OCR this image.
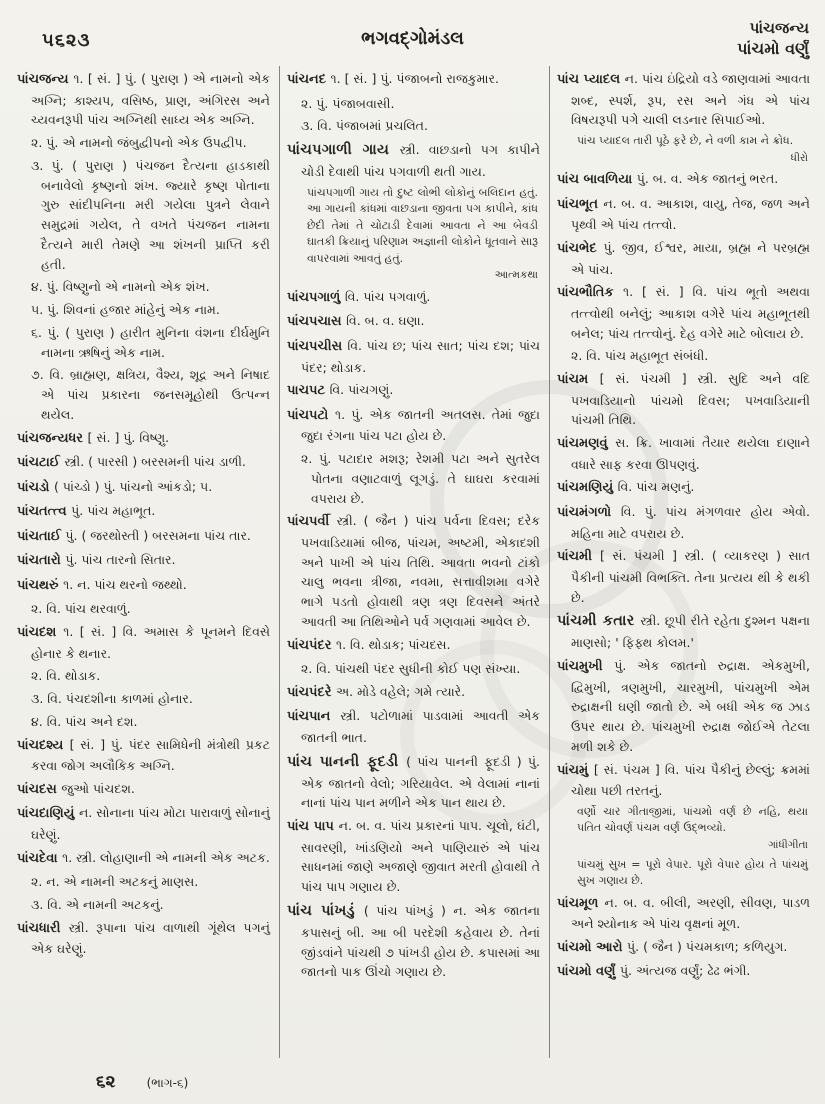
૫૬૨૩	ભગવદ્ગોમંડલ	પાંચજન્ય
પાંચમો વર્ણું
પાંચજન્ય ૧. [ સં. ] પું. ( પુરાણ ) એ નામનો એક અગ્નિ; કાશ્યપ, વસિષ્ઠ, પ્રાણ, અંગિરસ અને ચ્યવનરૂપી પાંચ અગ્નિથી સાધ્ય એક અગ્નિ.
૨. પું. એ નામનો જંબુદ્વીપનો એક ઉપદ્વીપ.
૩. પું. ( પુરાણ ) પંચજન દૈત્યના હાડકાથી બનાવેલો કૃષ્ણનો શંખ. જ્યારે કૃષ્ણ પોતાના ગુરુ સાંદીપનિના મરી ગયેલા પુત્રને લેવાને સમુદ્રમાં ગયેલ, તે વખતે પંચજન નામના દૈત્યને મારી તેમણે આ શંખની પ્રાપ્તિ કરી હતી.
૪. પું. વિષ્ણુનો એ નામનો એક શંખ.
૫. પું. શિવનાં હજાર માંહેનું એક નામ.
૬. પું. ( પુરાણ ) હારીત મુનિના વંશના દીર્ઘમુનિ નામના ઋષિનું એક નામ.
૭. વિ. બ્રાહ્મણ, ક્ષત્રિય, વૈશ્ય, શૂદ્ર અને નિષાદ એ પાંચ પ્રકારના જનસમૂહોથી ઉત્પન્ન થયેલ.
પાંચજન્યધર [ સં. ] પું. વિષ્ણુ.
પાંચટાઈ સ્ત્રી. ( પારસી ) બરસમની પાંચ ડાળી.
પાંચડો ( પાંચ્ડો ) પું. પાંચનો આંકડો; ૫.
પાંચતત્ત્વ પું. પાંચ મહાભૂત.
પાંચતાઈ પું. ( જરથોસ્તી ) બરસમના પાંચ તાર.
પાંચતારો પું. પાંચ તારનો સિતાર.
પાંચથરું ૧. ન. પાંચ થરનો જથ્થો.
૨. વિ. પાંચ થરવાળું.
પાંચદશ ૧. [ સં. ] વિ. અમાસ કે પૂનમને દિવસે હોનાર કે થનાર.
૨. વિ. થોડાક.
૩. વિ. પંચદશીના કાળમાં હોનાર.
૪. વિ. પાંચ અને દશ.
પાંચદશ્ય [ સં. ] પું. પંદર સામિધેની મંત્રોથી પ્રકટ કરવા જોગ અલૌકિક અગ્નિ.
પાંચદસ જુઓ પાંચદશ.
પાંચદાણિયું ન. સોનાના પાંચ મોટા પારાવાળું સોનાનું ઘરેણું.
પાંચદેવા ૧. સ્ત્રી. લોહાણાની એ નામની એક અટક.
૨. ન. એ નામની અટકનું માણસ.
૩. વિ. એ નામની અટકનું.
પાંચધારી સ્ત્રી. રૂપાના પાંચ વાળાથી ગૂંથેલ પગનું એક ઘરેણું.
પાંચનદ ૧. [ સં. ] પું. પંજાબનો રાજકુમાર.
૨. પું. પંજાબવાસી.
૩. વિ. પંજાબમાં પ્રચલિત.
પાંચપગાળી ગાય સ્ત્રી. વાછડાનો પગ કાપીને ચોડી દેવાથી પાંચ પગવાળી થતી ગાય.
પાંચપગાળી ગાય તો દુષ્ટ લોભી લોકોનું બલિદાન હતું. આ ગાયની કાંધમાં વાછડાના જીવતા પગ કાપીને, કાંધ છેદી તેમાં તે ચોટાડી દેવામાં આવતા ને આ બેવડી ઘાતકી ક્રિયાનું પરિણામ અજ્ઞાની લોકોને ધૂતવાને સારૂ વાપરવામાં આવતું હતું.
આત્મકથા
પાંચપગાળું વિ. પાંચ પગવાળું.
પાંચપચાસ વિ. બ. વ. ઘણા.
પાંચપચીસ વિ. પાંચ છ; પાંચ સાત; પાંચ દશ; પાંચ પંદર; થોડાક.
પાચપટ વિ. પાંચગણું.
પાંચપટો ૧. પું. એક જાતની અતલસ. તેમાં જુદા જુદા રંગના પાંચ પટા હોય છે.
૨. પું. પટાદાર મશરૂ; રેશમી પટા અને સુતરેલ પોતના વણાટવાળું લૂગડું. તે ઘાઘરા કરવામાં વપરાય છે.
પાંચપર્વી સ્ત્રી. ( જૈન ) પાંચ પર્વના દિવસ; દરેક પખવાડિયામાં બીજ, પાંચમ, અષ્ટમી, એકાદશી અને પાખી એ પાંચ તિથિ. આવતા ભવનો ટાંકો ચાલુ ભવના ત્રીજા, નવમા, સત્તાવીશમા વગેરે ભાગે પડતો હોવાથી ત્રણ ત્રણ દિવસને અંતરે આવતી આ તિથિઓને પર્વ ગણવામાં આવેલ છે.
પાંચપંદર ૧. વિ. થોડાક; પાંચદસ.
૨. વિ. પાંચથી પંદર સુધીની કોઈ પણ સંખ્યા.
પાંચપંદરે અ. મોડે વહેલે; ગમે ત્યારે.
પાંચપાન સ્ત્રી. પટોળામાં પાડવામાં આવતી એક જાતની ભાત.
પાંચ પાનની ફૂદડી ( પાંચ પાનની ફૂદડી ) પું. એક જાતનો વેલો; ગરિયાવેલ. એ વેલામાં નાનાં નાનાં પાંચ પાન મળીને એક પાન થાય છે.
પાંચ પાપ ન. બ. વ. પાંચ પ્રકારનાં પાપ. ચૂલો, ઘંટી, સાવરણી, ખાંડણિયો અને પાણિયારું એ પાંચ સાધનમાં જાણે અજાણે જીવાત મરતી હોવાથી તે પાંચ પાપ ગણાય છે.
પાંચ પાંખડું ( પાંચ પાંખડું ) ન. એક જાતના કપાસનું બી. આ બી પરદેશી કહેવાય છે. તેનાં જીંડવાંને પાંચથી ૭ પાંખડી હોય છે. કપાસમાં આ જાતનો પાક ઊંચો ગણાય છે.
પાંચ પ્યાદલ ન. પાંચ ઇંદ્રિયો વડે જાણવામાં આવતા શબ્દ, સ્પર્શ, રૂપ, રસ અને ગંધ એ પાંચ વિષયરૂપી પગે ચાલી લડનાર સિપાઈઓ.
પાંચ પ્યાદલ તારી પૂઠે ફરે છે, ને વળી કામ ને ક્રોધ.
ધીરો
પાંચ બાવળિયા પું. બ. વ. એક જાતનું ભરત.
પાંચભૂત ન. બ. વ. આકાશ, વાયુ, તેજ, જળ અને પૃથ્વી એ પાંચ તત્ત્વો.
પાંચભેદ પું. જીવ, ઈશ્વર, માયા, બ્રહ્મ ને પરબ્રહ્મ એ પાંચ.
પાંચભૌતિક ૧. [ સં. ] વિ. પાંચ ભૂતો અથવા તત્ત્વોથી બનેલું; આકાશ વગેરે પાંચ મહાભૂતથી બનેલ; પાંચ તત્ત્વોનું. દેહ વગેરે માટે બોલાય છે.
૨. વિ. પાંચ મહાભૂત સંબંધી.
પાંચમ [ સં. પંચમી ] સ્ત્રી. સુદિ અને વદિ પખવાડિયાનો પાંચમો દિવસ; પખવાડિયાની પાંચમી તિથિ.
પાંચમણવું સ. ક્રિ. ખાવામાં તૈયાર થયેલા દાણાને વધારે સાફ કરવા ઊપણવું.
પાંચમણિયું વિ. પાંચ મણનું.
પાંચમંગળો વિ. પું. પાંચ મંગળવાર હોય એવો. મહિના માટે વપરાય છે.
પાંચમી [ સં. પંચમી ] સ્ત્રી. ( વ્યાકરણ ) સાત પૈકીની પાંચમી વિભક્તિ. તેના પ્રત્યય થી કે થકી છે.
પાંચમી કતાર સ્ત્રી. છૂપી રીતે રહેતા દુશ્મન પક્ષના માણસો; ' ફિફ્થ કોલમ.'
પાંચમુખી પું. એક જાતનો રુદ્રાક્ષ. એકમુખી, દ્વિમુખી, ત્રણમુખી, ચારમુખી, પાંચમુખી એમ રુદ્રાક્ષની ઘણી જાતો છે. એ બધી એક જ ઝાડ ઉપર થાય છે. પાંચમુખી રુદ્રાક્ષ જોઈએ તેટલા મળી શકે છે.
પાંચમું [ સં. પંચમ ] વિ. પાંચ પૈકીનું છેલ્લું; ક્રમમાં ચોથા પછી તરતનું.
વર્ણો ચાર ગીતાજીમાં, પાંચમો વર્ણ છે નહિ, થયા પતિત ચોવર્ણ પંચમ વર્ણ ઉદ્ભવ્યો.
ગાંધીગીતા
પાંચમું સુખ = પૂરો વેપાર. પૂરો વેપાર હોય તે પાંચમું સુખ ગણાય છે.
પાંચમૂળ ન. બ. વ. બીલી, અરણી, સીવણ, પાડળ અને શ્યોનાક એ પાંચ વૃક્ષનાં મૂળ.
પાંચમો આરો પું. ( જૈન ) પંચમકાળ; કળિયુગ.
પાંચમો વર્ણું પું. અંત્યજ વર્ણું; ઢેઢ ભંગી.
૬૨	(ભાગ-૬)
